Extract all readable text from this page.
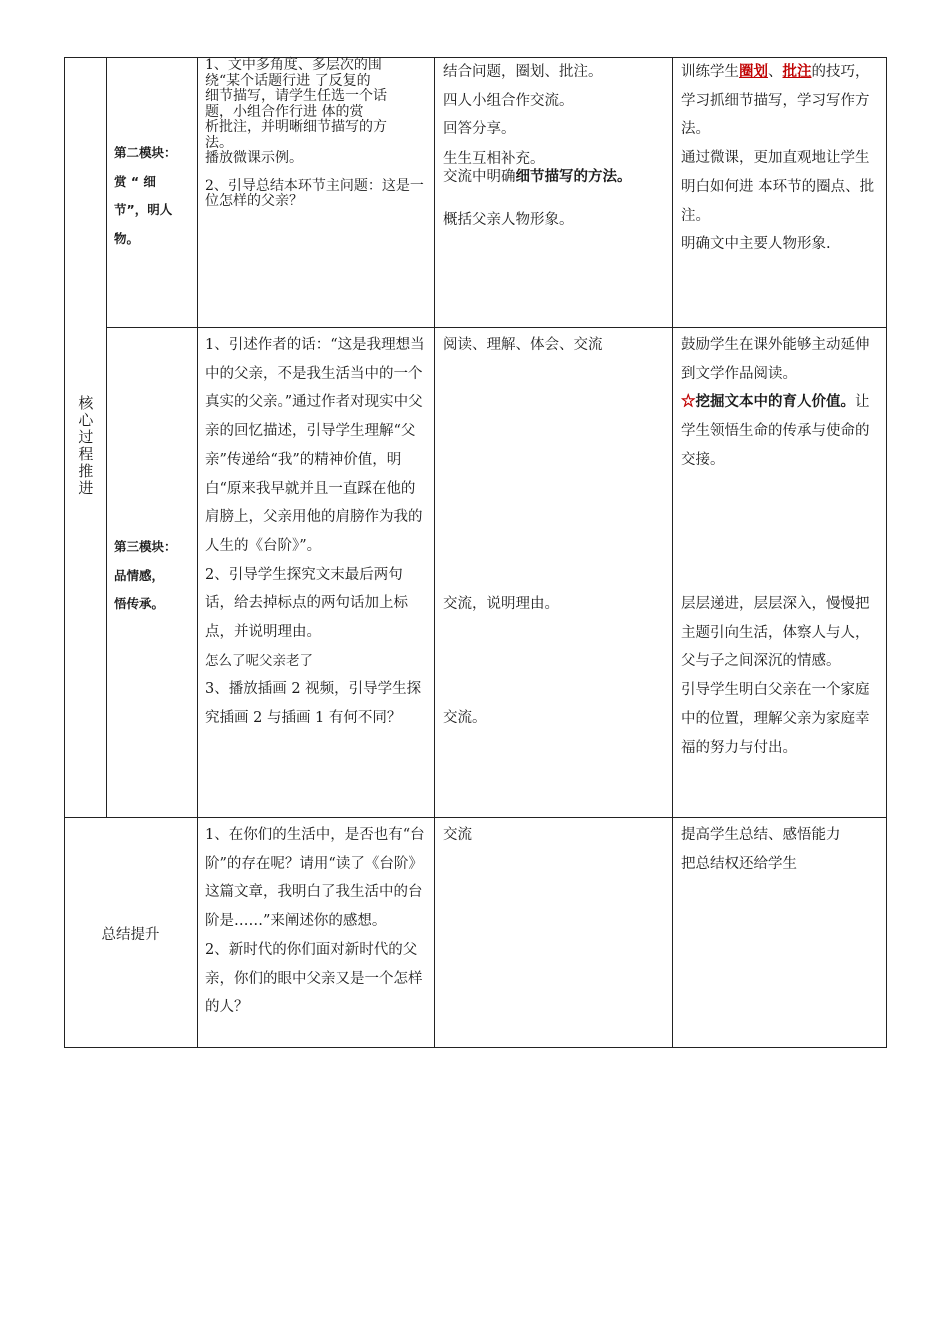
核心过程推进

第二模块：

赏 “ 细

节”，明人

物。

1、文中多角度、多层次的围

绕“某个话题行进 了反复的

细节描写，请学生任选一个话

题，小组合作行进 体的赏

析批注，并明晰细节描写的方

法。

播放微课示例。

2、引导总结本环节主问题：这是一位怎样的父亲？

结合问题，圈划、批注。

四人小组合作交流。

回答分享。

生生互相补充。

交流中明确细节描写的方法。

概括父亲人物形象。

训练学生圈划、批注的技巧，学习抓细节描写，学习写作方法。

通过微课，更加直观地让学生明白如何进 本环节的圈点、批注。

明确文中主要人物形象.

第三模块：

品情感，

悟传承。

1、引述作者的话：“这是我理想当中的父亲，不是我生活当中的一个真实的父亲。”通过作者对现实中父亲的回忆描述，引导学生理解“父亲”传递给“我”的精神价值，明白“原来我早就并且一直踩在他的肩膀上，父亲用他的肩膀作为我的人生的《台阶》”。

2、引导学生探究文末最后两句话，给去掉标点的两句话加上标点，并说明理由。

怎么了呢父亲老了

3、播放插画 2 视频，引导学生探究插画 2 与插画 1 有何不同？

阅读、理解、体会、交流
交流，说明理由。
交流。

鼓励学生在课外能够主动延伸到文学作品阅读。

☆挖掘文本中的育人价值。让学生领悟生命的传承与使命的交接。

层层递进，层层深入，慢慢把主题引向生活，体察人与人，父与子之间深沉的情感。

引导学生明白父亲在一个家庭中的位置，理解父亲为家庭幸福的努力与付出。

总结提升

1、在你们的生活中，是否也有“台阶”的存在呢？请用“读了《台阶》这篇文章，我明白了我生活中的台阶是……”来阐述你的感想。

2、新时代的你们面对新时代的父亲，你们的眼中父亲又是一个怎样的人？

交流	提高学生总结、感悟能力

把总结权还给学生
